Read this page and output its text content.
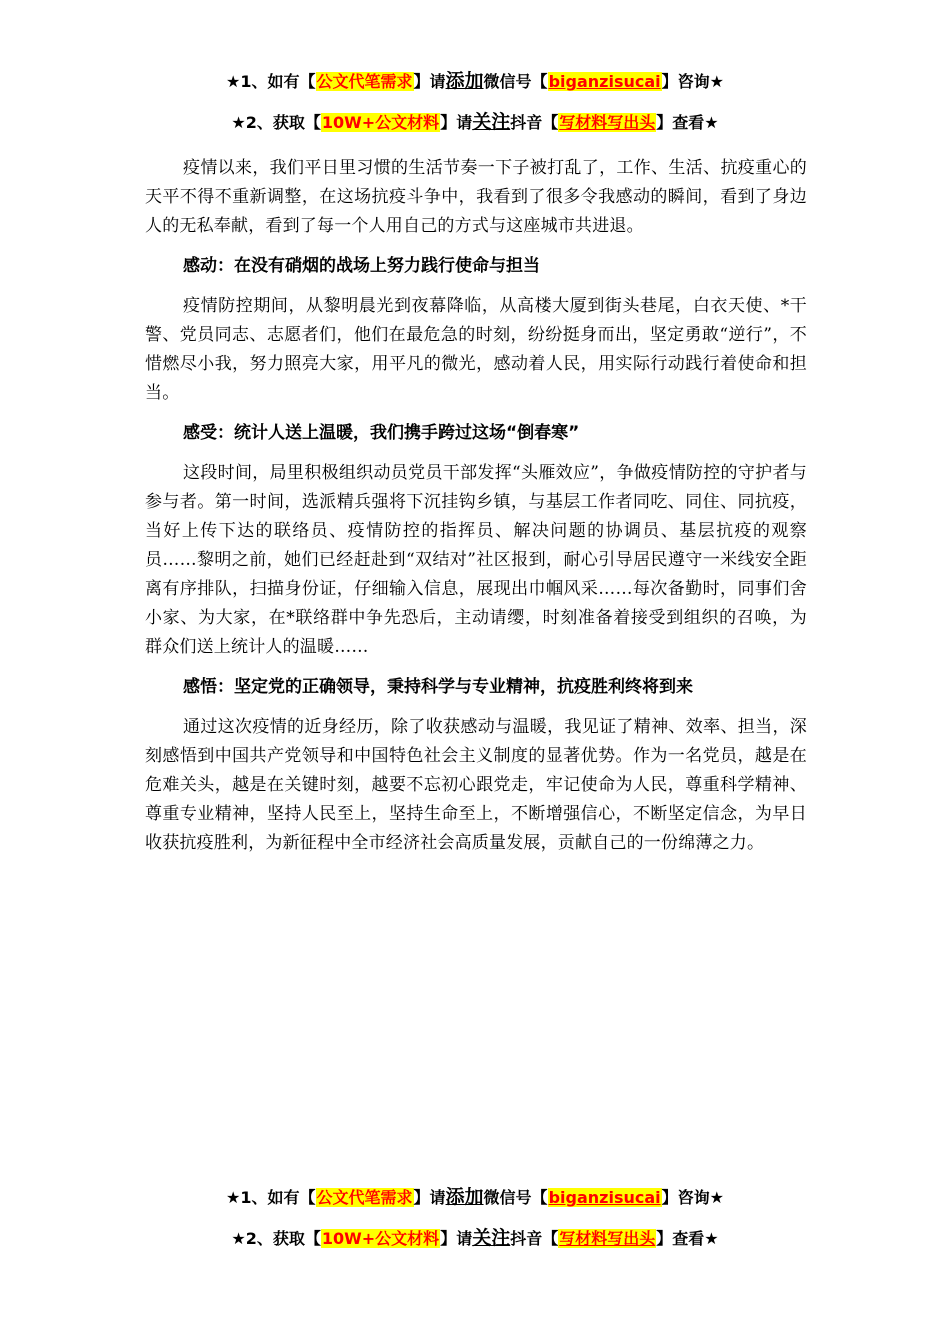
★1、如有【公文代笔需求】请添加微信号【biganzisucai】咨询★
★2、获取【10W+公文材料】请关注抖音【写材料写出头】查看★

疫情以来，我们平日里习惯的生活节奏一下子被打乱了，工作、生活、抗疫重心的天平不得不重新调整，在这场抗疫斗争中，我看到了很多令我感动的瞬间，看到了身边人的无私奉献，看到了每一个人用自己的方式与这座城市共进退。

感动：在没有硝烟的战场上努力践行使命与担当

疫情防控期间，从黎明晨光到夜幕降临，从高楼大厦到街头巷尾，白衣天使、*干警、党员同志、志愿者们，他们在最危急的时刻，纷纷挺身而出，坚定勇敢“逆行”，不惜燃尽小我，努力照亮大家，用平凡的微光，感动着人民，用实际行动践行着使命和担当。

感受：统计人送上温暖，我们携手跨过这场“倒春寒”

这段时间，局里积极组织动员党员干部发挥“头雁效应”，争做疫情防控的守护者与参与者。第一时间，选派精兵强将下沉挂钩乡镇，与基层工作者同吃、同住、同抗疫，当好上传下达的联络员、疫情防控的指挥员、解决问题的协调员、基层抗疫的观察员……黎明之前，她们已经赶赴到“双结对”社区报到，耐心引导居民遵守一米线安全距离有序排队，扫描身份证，仔细输入信息，展现出巾帼风采……每次备勤时，同事们舍小家、为大家，在*联络群中争先恐后，主动请缨，时刻准备着接受到组织的召唤，为群众们送上统计人的温暖……

感悟：坚定党的正确领导，秉持科学与专业精神，抗疫胜利终将到来

通过这次疫情的近身经历，除了收获感动与温暖，我见证了精神、效率、担当，深刻感悟到中国共产党领导和中国特色社会主义制度的显著优势。作为一名党员，越是在危难关头，越是在关键时刻，越要不忘初心跟党走，牢记使命为人民，尊重科学精神、尊重专业精神，坚持人民至上，坚持生命至上，不断增强信心，不断坚定信念，为早日收获抗疫胜利，为新征程中全市经济社会高质量发展，贡献自己的一份绵薄之力。

★1、如有【公文代笔需求】请添加微信号【biganzisucai】咨询★
★2、获取【10W+公文材料】请关注抖音【写材料写出头】查看★
